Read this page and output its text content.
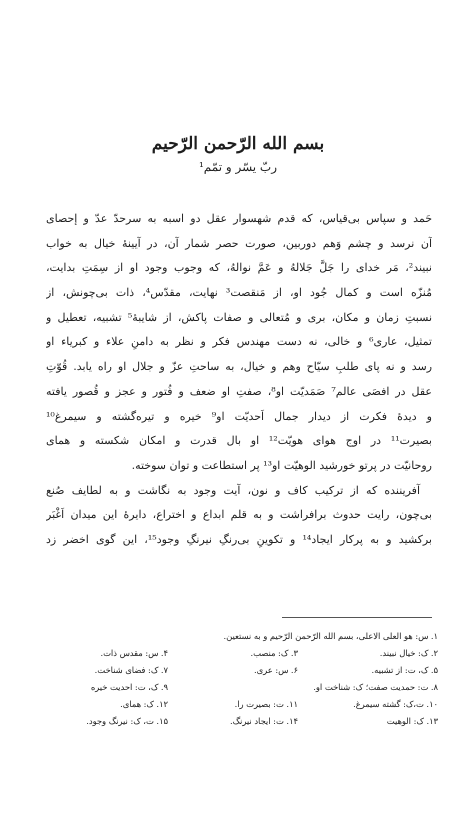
بسم الله الرّحمن الرّحیم
ربّ یسّر و تمّم¹
حَمد و سپاس بی‌قیاس، که قدم شهسوار عقل دو اسبه به سرحدّ عدّ و إحصای
آن نرسد و چشم وَهم دوربین، صورت حصر شمار آن، در آیینهٔ خیال به خواب
نبیند²، مَر خدای را جَلَّ جَلالهُ و عَمَّ نوالهُ، که وجوب وجود او از سِمَتِ بدایت،
مُنزّه است و کمال جُود او، از مَنقصت³ نهایت، مقدّس⁴، ذات بی‌چونش، از
نسبتِ زمان و مکان، بری و مُتعالی و صفات پاکش، از شایبهٔ⁵ تشبیه، تعطیل و
تمثیل، عاری⁶ و خالی، نه دست مهندس فکر و نظر به دامنِ علاء و کبریاء او
رسد و نه پای طلبِ سیّاح وهم و خیال، به ساحتِ عزّ و جلال او راه یابد. قُوّتِ
عقل در افصَی عالم⁷ صَمَدیّت او⁸، صفتِ او ضعف و فُتور و عجز و قُصور یافته
و دیدهٔ فکرت از دیدار جمال اَحدیّت او⁹ خیره و تیره‌گشته و سیمرغ¹⁰
بصیرت¹¹ در اوج هوای هویّت¹² او بال قدرت و امکان شکسته و همای
روحانیّت در پرتو خورشید الوهیّت او¹³ پر استطاعت و توان سوخته.
آفریننده که از ترکیب کاف و نون، آیت وجود به نگاشت و به لطایف صُنع
بی‌چون، رایت حدوث برافراشت و به قلم ابداع و اختراع، دایرهٔ این میدان اَغْبَر
برکشید و به پرکار ایجاد¹⁴ و تکوینِ بی‌رنگِ نیرنگِ وجود¹⁵، این گوی اخضر زد
۱. س: هو العلی الاعلی، بسم الله الرّحمن الرّحیم و به نستعین.
۲. ک: خیال نبیند.
۳. ک: منصب.
۴. س: مقدس ذات.
۵. ک، ت: از تشبیه.
۶. س: عری.
۷. ک: فضای شناخت.
۸. ت: حمدیت صفت؛ ک: شناخت او.
۹. ک، ت: احدیت خیره
۱۰. ت،ک: گشته سیمرغ.
۱۱. ت: بصیرت را.
۱۲. ک: همای.
۱۳. ک: الوهیت
۱۴. ت: ایجاد نیرنگ.
۱۵. ت، ک: نیرنگ وجود.
